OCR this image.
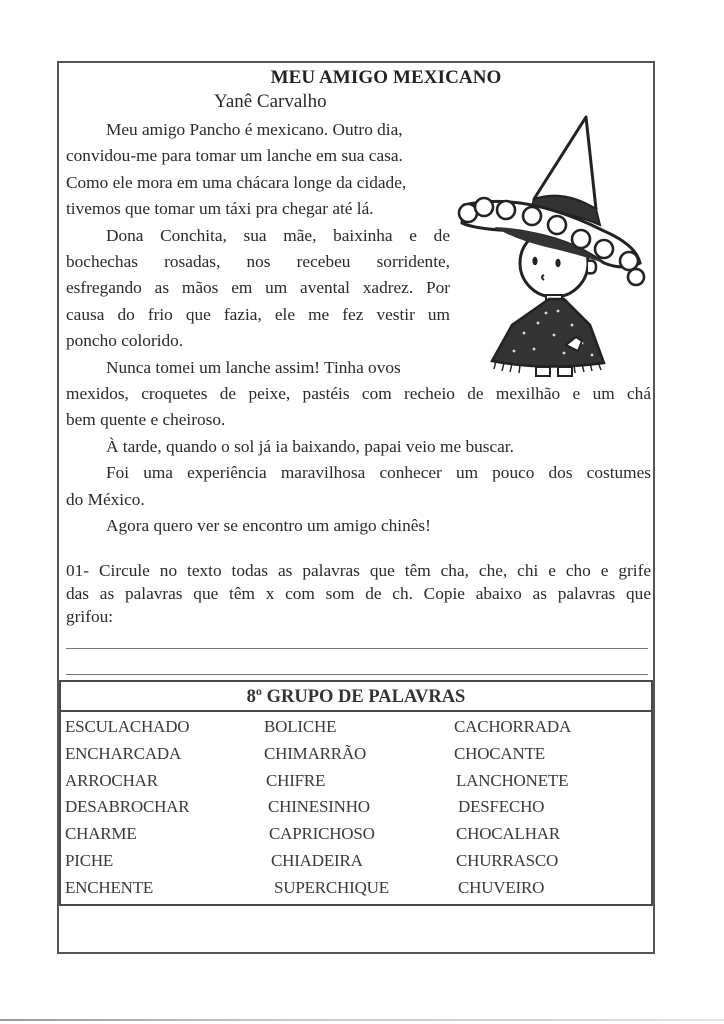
MEU AMIGO MEXICANO
Yanê Carvalho
Meu amigo Pancho é mexicano. Outro dia,
convidou-me para tomar um lanche em sua casa.
Como ele mora em uma chácara longe da cidade,
tivemos que tomar um táxi pra chegar até lá.
Dona Conchita, sua mãe, baixinha e de
bochechas rosadas, nos recebeu sorridente,
esfregando as mãos em um avental xadrez. Por
causa do frio que fazia, ele me fez vestir um
poncho colorido.
Nunca tomei um lanche assim! Tinha ovos
mexidos, croquetes de peixe, pastéis com recheio de mexilhão e um chá
bem quente e cheiroso.
À tarde, quando o sol já ia baixando, papai veio me buscar.
Foi uma experiência maravilhosa conhecer um pouco dos costumes
do México.
Agora quero ver se encontro um amigo chinês!
01- Circule no texto todas as palavras que têm cha, che, chi e cho e grife
das as palavras que têm x com som de ch. Copie abaixo as palavras que
grifou:
8º GRUPO DE PALAVRAS
ESCULACHADO
ENCHARCADA
ARROCHAR
DESABROCHAR
CHARME
PICHE
ENCHENTE
BOLICHE
CHIMARRÃO
CHIFRE
CHINESINHO
CAPRICHOSO
CHIADEIRA
SUPERCHIQUE
CACHORRADA
CHOCANTE
LANCHONETE
DESFECHO
CHOCALHAR
CHURRASCO
CHUVEIRO
